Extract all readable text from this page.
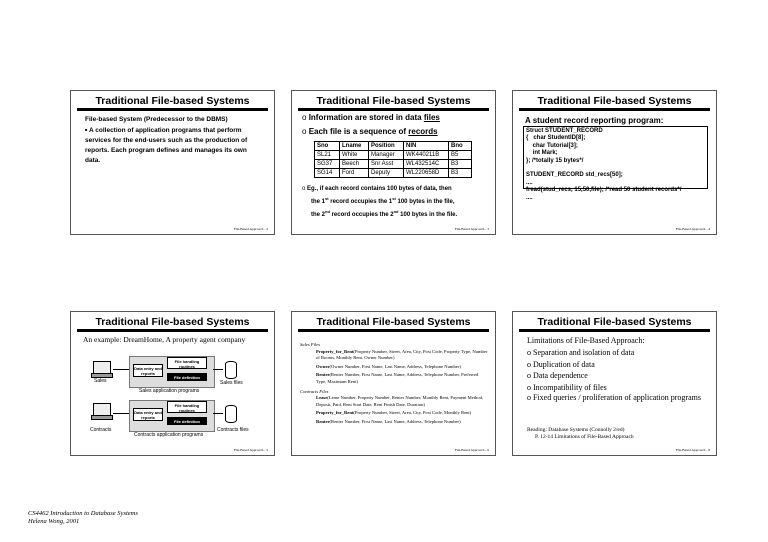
Traditional File-based Systems
File-based System (Predecessor to the DBMS)
■ A collection of application programs that perform services for the end-users such as the production of reports. Each program defines and manages its own data.
File-Based Approach - 2
Traditional File-based Systems
o Information are stored in data files
o Each file is a sequence of records
Sno	Lname	Position	NIN	Bno
SL21	White	Manager	WK440211B	B5
SG37	Beech	Snr Asst	WL432514C	B3
SG14	Ford	Deputy	WL220658D	B3
o Eg., if each record contains 100 bytes of data, then
the 1st record occupies the 1st 100 bytes in the file,
the 2nd record occupies the 2nd 100 bytes in the file.
File-Based Approach - 3
Traditional File-based Systems
A student record reporting program:
Struct STUDENT_RECORD
{   char StudentID[8];
char Tutorial[3];
int Mark;
}; /*totally 15 bytes*/

STUDENT_RECORD std_recs[50];
....
fread(stud_recs, 15,50,file); /*read 50 student records*/
....
File-Based Approach - 4
Traditional File-based Systems
An example: DreamHome, A property agent company
Sales
Data entry and reports
File handling routines
File definition
Sales files
Sales application programs
Contracts
Data entry and reports
File handling routines
File definition
Contracts files
Contracts application programs
File-Based Approach - 5
Traditional File-based Systems
Sales Files
Property_for_Rent(Property Number, Street, Area, City, Post Code, Property Type, Number of Rooms, Monthly Rent, Owner Number)
Owner(Owner Number, First Name, Last Name, Address, Telephone Number)
Renter(Renter Number, First Name, Last Name, Address, Telephone Number, Preferred Type, Maximum Rent)
Contracts Files
Lease(Lease Number, Property Number, Renter Number, Monthly Rent, Payment Method, Deposit, Paid, Rent Start Date, Rent Finish Date, Duration)
Property_for_Rent(Property Number, Street, Area, City, Post Code, Monthly Rent)
Renter(Renter Number, First Name, Last Name, Address, Telephone Number)
File-Based Approach - 6
Traditional File-based Systems
Limitations of File-Based Approach:
o Separation and isolation of data
o Duplication of data
o Data dependence
o Incompatibility of files
o Fixed queries / proliferation of application programs
Reading: Database Systems (Connolly 2/ed)
P. 12-14 Limitations of File-Based Approach
File-Based Approach - 8
CS4462 Introduction to Database Systems
Helena Wong, 2001
